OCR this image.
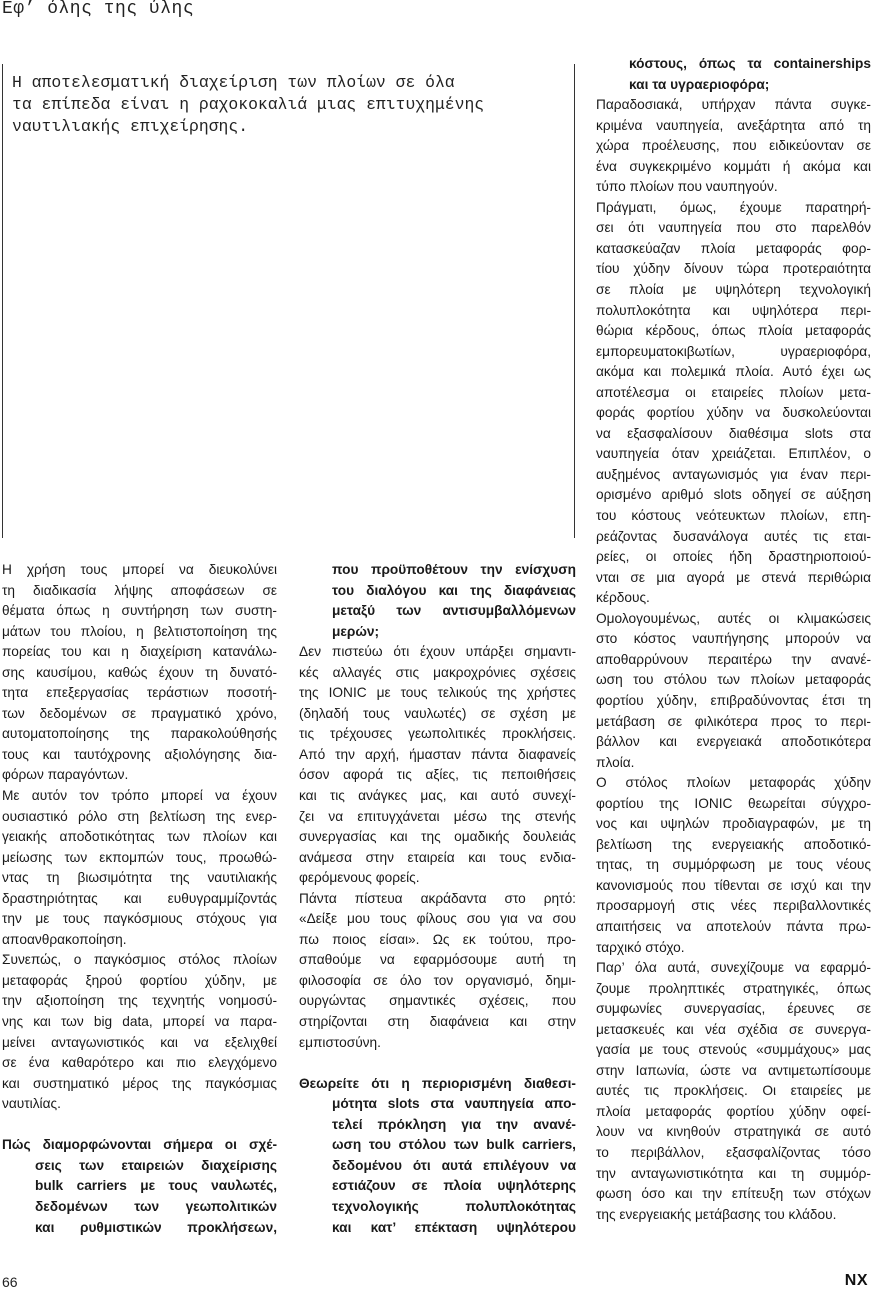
Εφ’ όλης της ύλης
Η αποτελεσματική διαχείριση των πλοίων σε όλα
τα επίπεδα είναι η ραχοκοκαλιά μιας επιτυχημένης
ναυτιλιακής επιχείρησης.
Η χρήση τους μπορεί να διευκολύνει
τη διαδικασία λήψης αποφάσεων σε
θέματα όπως η συντήρηση των συστη-
μάτων του πλοίου, η βελτιστοποίηση της
πορείας του και η διαχείριση κατανάλω-
σης καυσίμου, καθώς έχουν τη δυνατό-
τητα επεξεργασίας τεράστιων ποσοτή-
των δεδομένων σε πραγματικό χρόνο,
αυτοματοποίησης της παρακολούθησής
τους και ταυτόχρονης αξιολόγησης δια-
φόρων παραγόντων.
Με αυτόν τον τρόπο μπορεί να έχουν
ουσιαστικό ρόλο στη βελτίωση της ενερ-
γειακής αποδοτικότητας των πλοίων και
μείωσης των εκπομπών τους, προωθώ-
ντας τη βιωσιμότητα της ναυτιλιακής
δραστηριότητας και ευθυγραμμίζοντάς
την με τους παγκόσμιους στόχους για
απoανθρακοποίηση.
Συνεπώς, ο παγκόσμιος στόλος πλοίων
μεταφοράς ξηρού φορτίου χύδην, με
την αξιοποίηση της τεχνητής νοημοσύ-
νης και των big data, μπορεί να παρα-
μείνει ανταγωνιστικός και να εξελιχθεί
σε ένα καθαρότερο και πιο ελεγχόμενο
και συστηματικό μέρος της παγκόσμιας
ναυτιλίας.
Πώς διαμορφώνονται σήμερα οι σχέ-
σεις των εταιρειών διαχείρισης
bulk carriers με τους ναυλωτές,
δεδομένων των γεωπολιτικών
και ρυθμιστικών προκλήσεων,
που προϋποθέτουν την ενίσχυση
του διαλόγου και της διαφάνειας
μεταξύ των αντισυμβαλλόμενων
μερών;
Δεν πιστεύω ότι έχουν υπάρξει σημαντι-
κές αλλαγές στις μακροχρόνιες σχέσεις
της IONIC με τους τελικούς της χρήστες
(δηλαδή τους ναυλωτές) σε σχέση με
τις τρέχουσες γεωπολιτικές προκλήσεις.
Από την αρχή, ήμασταν πάντα διαφανείς
όσον αφορά τις αξίες, τις πεποιθήσεις
και τις ανάγκες μας, και αυτό συνεχί-
ζει να επιτυγχάνεται μέσω της στενής
συνεργασίας και της ομαδικής δουλειάς
ανάμεσα στην εταιρεία και τους ενδια-
φερόμενους φορείς.
Πάντα πίστευα ακράδαντα στο ρητό:
«Δείξε μου τους φίλους σου για να σου
πω ποιος είσαι». Ως εκ τούτου, προ-
σπαθούμε να εφαρμόσουμε αυτή τη
φιλοσοφία σε όλο τον οργανισμό, δημι-
ουργώντας σημαντικές σχέσεις, που
στηρίζονται στη διαφάνεια και στην
εμπιστοσύνη.
Θεωρείτε ότι η περιορισμένη διαθεσι-
μότητα slots στα ναυπηγεία απο-
τελεί πρόκληση για την ανανέ-
ωση του στόλου των bulk carriers,
δεδομένου ότι αυτά επιλέγουν να
εστιάζουν σε πλοία υψηλότερης
τεχνολογικής πολυπλοκότητας
και κατ’ επέκταση υψηλότερου
κόστους, όπως τα containerships
και τα υγραεριοφόρα;
Παραδοσιακά, υπήρχαν πάντα συγκε-
κριμένα ναυπηγεία, ανεξάρτητα από τη
χώρα προέλευσης, που ειδικεύονταν σε
ένα συγκεκριμένο κομμάτι ή ακόμα και
τύπο πλοίων που ναυπηγούν.
Πράγματι, όμως, έχουμε παρατηρή-
σει ότι ναυπηγεία που στο παρελθόν
κατασκεύαζαν πλοία μεταφοράς φορ-
τίου χύδην δίνουν τώρα προτεραιότητα
σε πλοία με υψηλότερη τεχνολογική
πολυπλοκότητα και υψηλότερα περι-
θώρια κέρδους, όπως πλοία μεταφοράς
εμπορευματοκιβωτίων, υγραεριοφόρα,
ακόμα και πολεμικά πλοία. Αυτό έχει ως
αποτέλεσμα οι εταιρείες πλοίων μετα-
φοράς φορτίου χύδην να δυσκολεύονται
να εξασφαλίσουν διαθέσιμα slots στα
ναυπηγεία όταν χρειάζεται. Επιπλέον, ο
αυξημένος ανταγωνισμός για έναν περι-
ορισμένο αριθμό slots οδηγεί σε αύξηση
του κόστους νεότευκτων πλοίων, επη-
ρεάζοντας δυσανάλογα αυτές τις εται-
ρείες, οι οποίες ήδη δραστηριοποιού-
νται σε μια αγορά με στενά περιθώρια
κέρδους.
Ομολογουμένως, αυτές οι κλιμακώσεις
στο κόστος ναυπήγησης μπορούν να
αποθαρρύνουν περαιτέρω την ανανέ-
ωση του στόλου των πλοίων μεταφοράς
φορτίου χύδην, επιβραδύνοντας έτσι τη
μετάβαση σε φιλικότερα προς το περι-
βάλλον και ενεργειακά αποδοτικότερα
πλοία.
Ο στόλος πλοίων μεταφοράς χύδην
φορτίου της IONIC θεωρείται σύγχρο-
νος και υψηλών προδιαγραφών, με τη
βελτίωση της ενεργειακής αποδοτικό-
τητας, τη συμμόρφωση με τους νέους
κανονισμούς που τίθενται σε ισχύ και την
προσαρμογή στις νέες περιβαλλοντικές
απαιτήσεις να αποτελούν πάντα πρω-
ταρχικό στόχο.
Παρ’ όλα αυτά, συνεχίζουμε να εφαρμό-
ζουμε προληπτικές στρατηγικές, όπως
συμφωνίες συνεργασίας, έρευνες σε
μετασκευές και νέα σχέδια σε συνεργα-
γασία με τους στενούς «συμμάχους» μας
στην Ιαπωνία, ώστε να αντιμετωπίσουμε
αυτές τις προκλήσεις. Οι εταιρείες με
πλοία μεταφοράς φορτίου χύδην οφεί-
λουν να κινηθούν στρατηγικά σε αυτό
το περιβάλλον, εξασφαλίζοντας τόσο
την ανταγωνιστικότητα και τη συμμόρ-
φωση όσο και την επίτευξη των στόχων
της ενεργειακής μετάβασης του κλάδου.
66	NX
